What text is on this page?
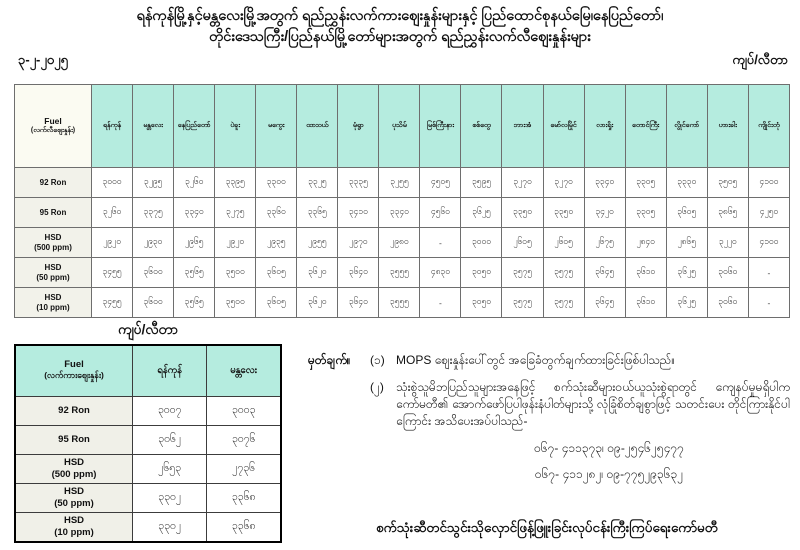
ရန်ကုန်မြို့နှင့်မန္တလေးမြို့အတွက် ရည်ညွှန်းလက်ကားဈေးနှုန်းများနှင့် ပြည်ထောင်စုနယ်မြေ၊နေပြည်တော်၊
တိုင်းဒေသကြီး/ပြည်နယ်မြို့တော်များအတွက် ရည်ညွှန်းလက်လီဈေးနှုန်းများ
၃-၂-၂၀၂၅	ကျပ်/လီတာ
Fuel
(လက်လီဈေးနှုန်း)	ရန်ကုန်	မန္တလေး	နေပြည်တော်	ပဲခူး	မကွေး	ထားဝယ်	မုံရွာ	ပုသိမ်	မြစ်ကြီးနား	စစ်တွေ	ဘားအံ	မော်လမြိုင်	လားရှိုး	တောင်ကြီး	လွိုင်ကော်	ဟားခါး	ကျိုင်းတုံ
92 Ron	၃၀၀၀	၃၂၉၅	၃၂၆၀	၃၃၉၅	၃၃၀၀	၃၃၂၅	၃၃၃၅	၃၂၅၅	၄၅၀၅	၃၅၉၅	၃၂၇၀	၃၂၇၀	၃၃၄၀	၃၃၀၅	၃၃၃၀	၃၅၀၅	၄၁၀၀
95 Ron	၃၂၆၀	၃၃၇၅	၃၃၄၀	၃၂၇၅	၃၃၆၀	၃၃၆၅	၃၄၁၀	၃၃၄၀	၄၅၆၀	၃၆၂၅	၃၃၅၀	၃၃၅၀	၃၄၂၀	၃၃၀၅	၃၆၀၅	၃၈၆၅	၄၂၅၀
HSD
(500 ppm)	၂၉၂၀	၂၉၃၀	၂၉၆၅	၂၉၂၀	၂၉၃၅	၂၉၅၅	၂၉၇၀	၂၉၈၀	-	၃၀၀၀	၂၆၀၅	၂၆၀၅	၂၆၇၅	၂၈၄၀	၂၈၆၅	၃၂၂၀	၄၁၀၀
HSD
(50 ppm)	၃၄၅၅	၃၆၀၀	၃၅၆၅	၃၅၀၀	၃၆၀၅	၃၆၂၀	၃၆၄၀	၃၅၅၅	၄၈၃၀	၃၀၅၀	၃၅၇၅	၃၅၇၅	၃၆၄၅	၃၆၁၀	၃၆၂၅	၃၀၆၀	-
HSD
(10 ppm)	၃၄၅၅	၃၆၀၀	၃၅၆၅	၃၅၀၀	၃၆၀၅	၃၆၂၀	၃၆၄၀	၃၅၅၅	-	၃၀၅၀	၃၅၇၅	၃၅၇၅	၃၆၄၅	၃၆၁၀	၃၆၂၅	၃၀၆၀	-
ကျပ်/လီတာ
Fuel
(လက်ကားဈေးနှုန်း)	ရန်ကုန်	မန္တလေး
92 Ron	၃၀၀၇	၃၀၀၃
95 Ron	၃၀၆၂	၃၀၇၆
HSD
(500 ppm)	၂၆၅၃	၂၇၃၆
HSD
(50 ppm)	၃၃၀၂	၃၃၆၈
HSD
(10 ppm)	၃၃၀၂	၃၃၆၈
မှတ်ချက်။	(၁) MOPS ဈေးနှုန်းပေါ်တွင် အခြေခံတွက်ချက်ထားခြင်းဖြစ်ပါသည်။
(၂)	သုံးစွဲသူမိဘပြည်သူများအနေဖြင့် စက်သုံးဆီများဝယ်ယူသုံးစွဲရာတွင် ကျေနပ်မှုမရှိပါက ကော်မတီ၏ အောက်ဖော်ပြပါဖုန်းနံပါတ်များသို့ လုံခြုံစိတ်ချစွာဖြင့် သတင်းပေး တိုင်ကြားနိုင်ပါကြောင်း အသိပေးအပ်ပါသည်-
၀၆၇- ၄၁၁၃၇၃၊ ၀၉-၂၅၄၆၂၅၄၇၇
၀၆၇- ၄၁၁၂၈၂၊ ၀၉-၇၇၅၂၉၃၆၃၂
စက်သုံးဆီတင်သွင်းသိုလှောင်ဖြန့်ဖြူးခြင်းလုပ်ငန်းကြီးကြပ်ရေးကော်မတီ
